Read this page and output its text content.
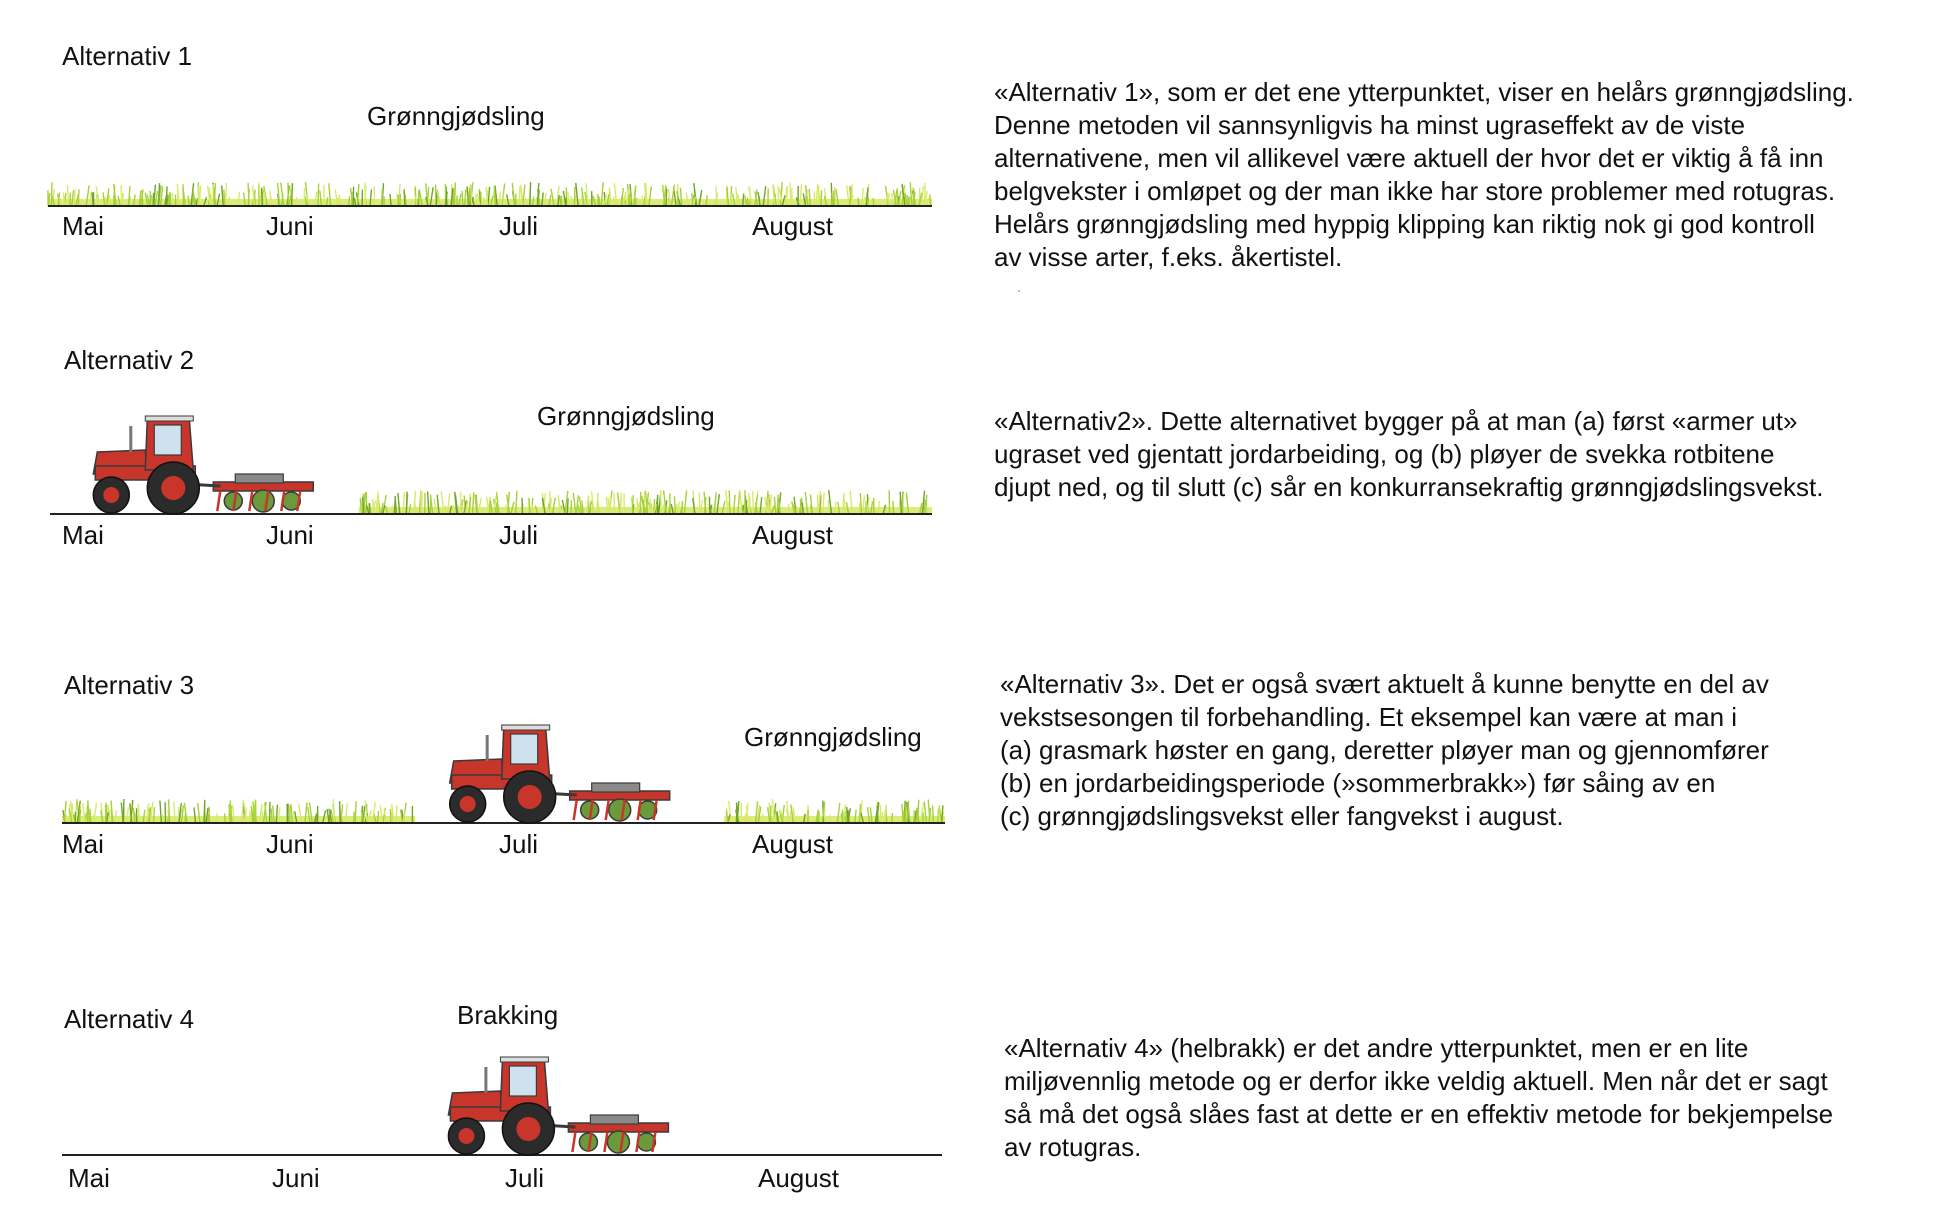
Alternativ 1
Grønngjødsling
Mai	Juni	Juli	August
«Alternativ 1», som er det ene ytterpunktet, viser en helårs grønngjødsling.
Denne metoden vil sannsynligvis ha minst ugraseffekt av de viste
alternativene, men vil allikevel være aktuell der hvor det er viktig å få inn
belgvekster i omløpet og der man ikke har store problemer med rotugras.
Helårs grønngjødsling med hyppig klipping kan riktig nok gi god kontroll
av visse arter, f.eks. åkertistel.
Alternativ 2
Grønngjødsling
Mai	Juni	Juli	August
«Alternativ2». Dette alternativet bygger på at man (a) først «armer ut»
ugraset ved gjentatt jordarbeiding, og (b) pløyer de svekka rotbitene
djupt ned, og til slutt (c) sår en konkurransekraftig grønngjødslingsvekst.
Alternativ 3
Grønngjødsling
Mai	Juni	Juli	August
«Alternativ 3». Det er også svært aktuelt å kunne benytte en del av
vekstsesongen til forbehandling. Et eksempel kan være at man i
(a) grasmark høster en gang, deretter pløyer man og gjennomfører
(b) en jordarbeidingsperiode (»sommerbrakk») før såing av en
(c) grønngjødslingsvekst eller fangvekst i august.
Alternativ 4	Brakking
Mai	Juni	Juli	August
«Alternativ 4» (helbrakk) er det andre ytterpunktet, men er en lite
miljøvennlig metode og er derfor ikke veldig aktuell. Men når det er sagt
så må det også slåes fast at dette er en effektiv metode for bekjempelse
av rotugras.
